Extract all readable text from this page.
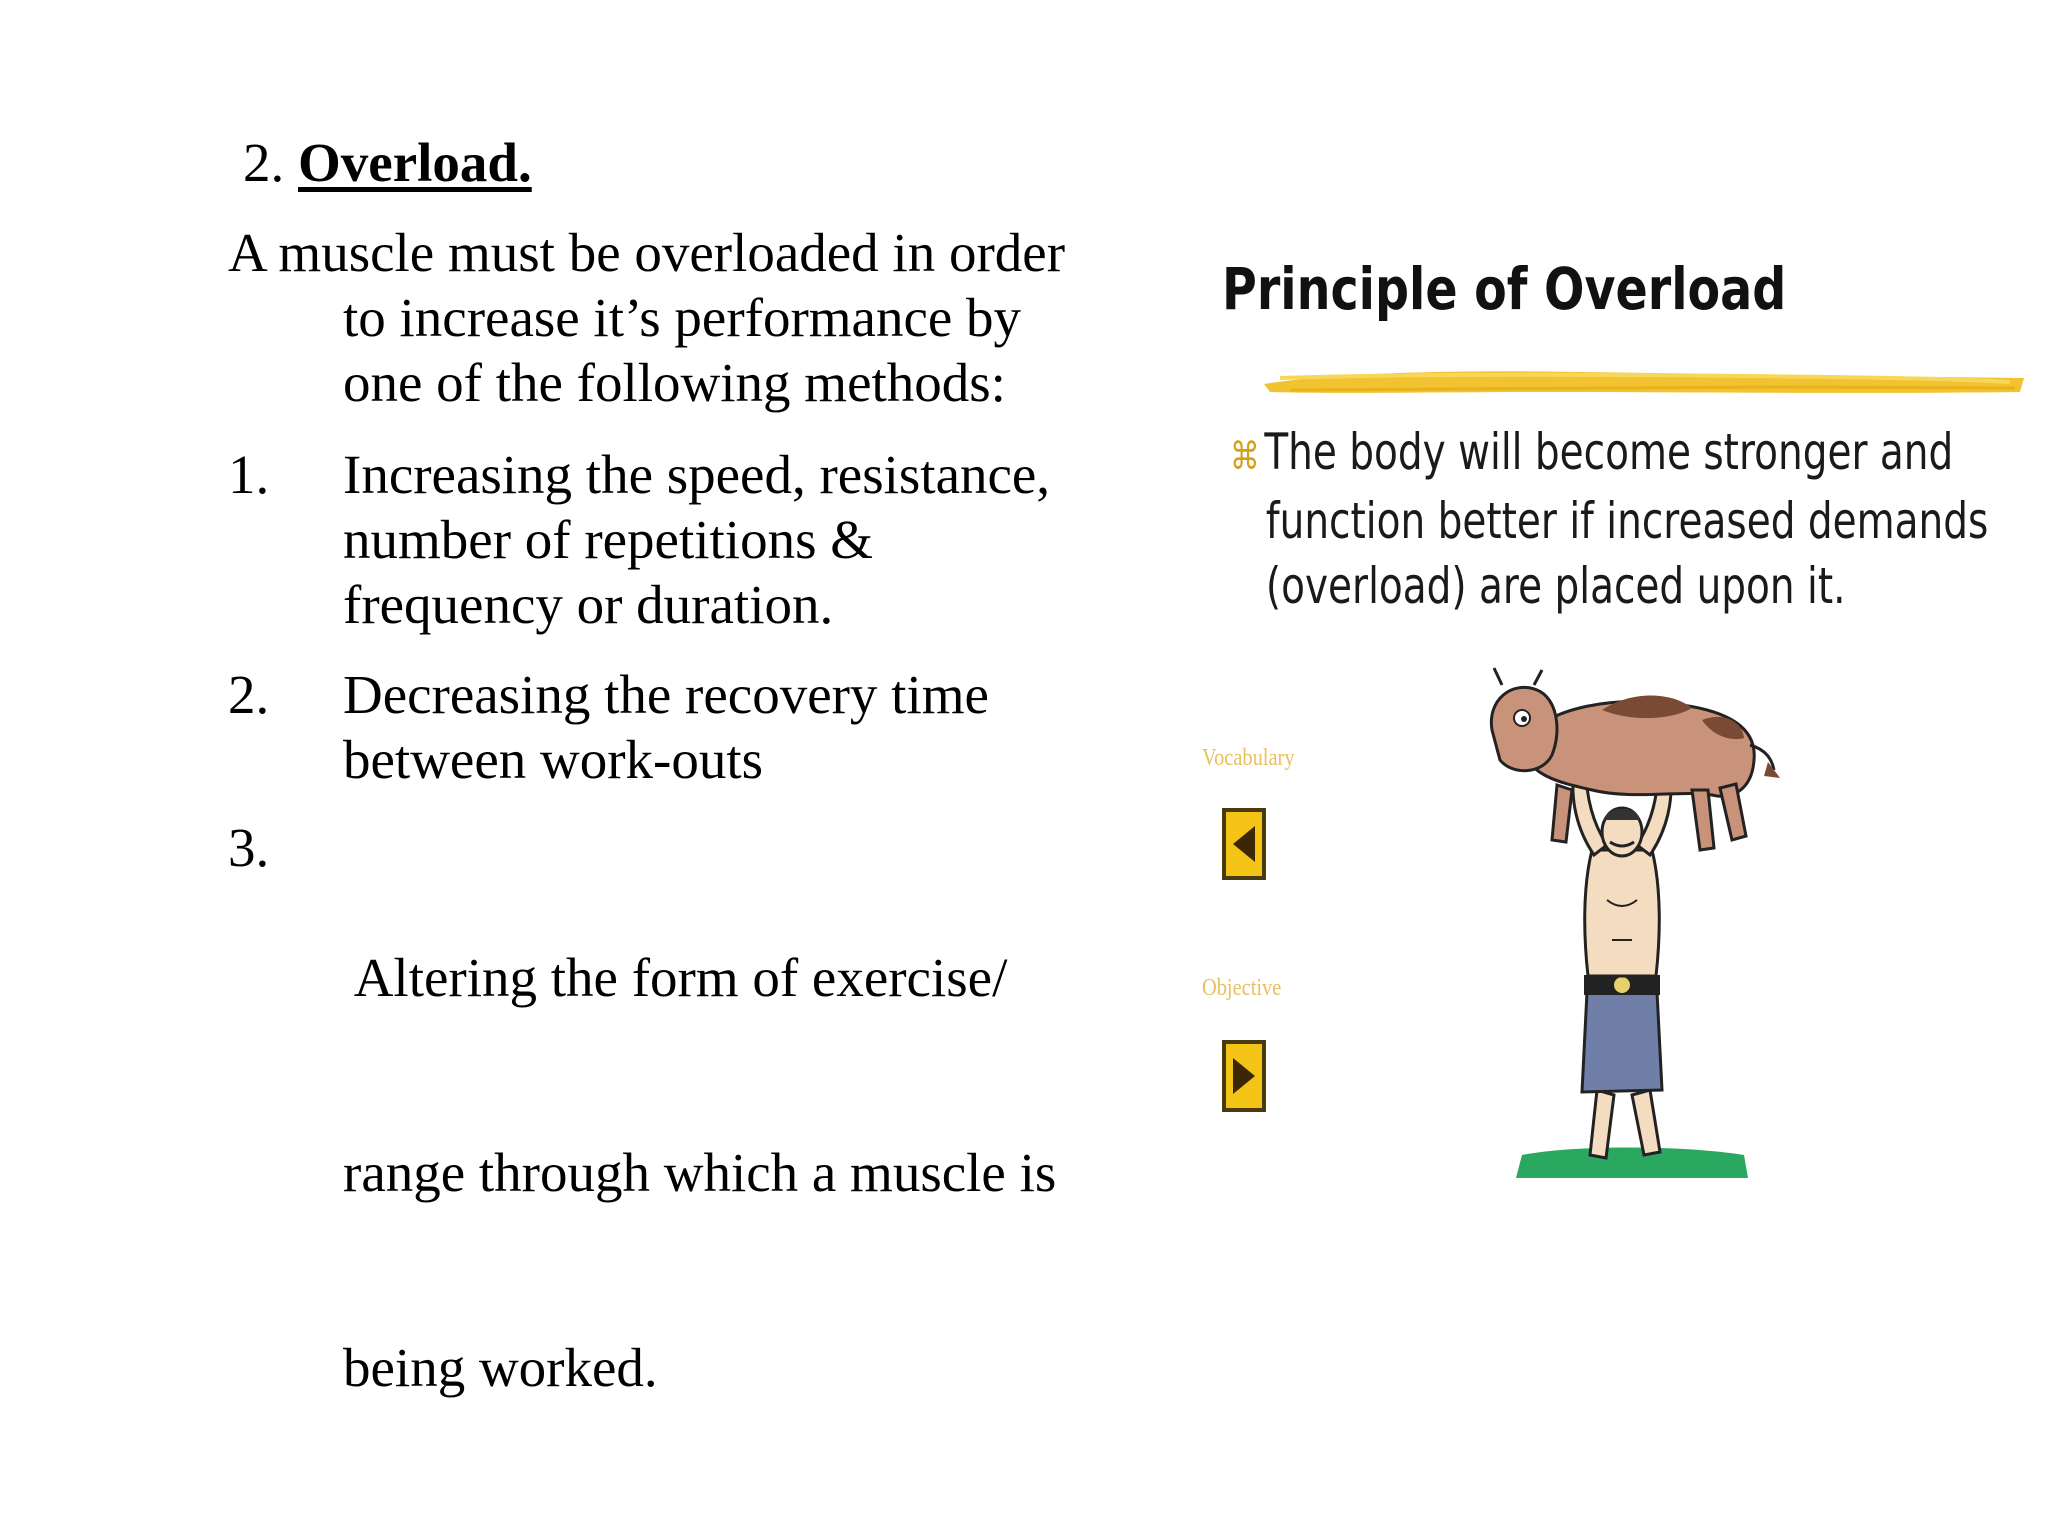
2. Overload.
A muscle must be overloaded in order
to increase it’s performance by
one of the following methods:
1. Increasing the speed, resistance,
number of repetitions &
frequency or duration.
2. Decreasing the recovery time
between work-outs
3.

Altering the form of exercise/

range through which a muscle is

being worked.

Principle of Overload
⌘The body will become stronger and
function better if increased demands
(overload) are placed upon it.
Vocabulary
Objective
